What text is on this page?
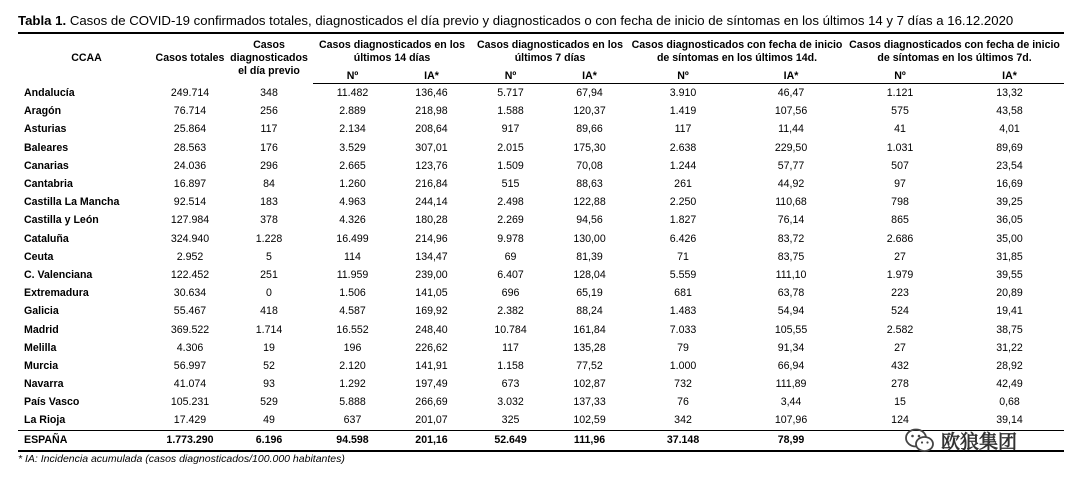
Tabla 1. Casos de COVID-19 confirmados totales, diagnosticados el día previo y diagnosticados o con fecha de inicio de síntomas en los últimos 14 y 7 días a 16.12.2020
CCAA	Casos totales	Casos diagnosticados el día previo	Casos diagnosticados en los últimos 14 días		Casos diagnosticados en los últimos 7 días		Casos diagnosticados con fecha de inicio de síntomas en los últimos 14d.		Casos diagnosticados con fecha de inicio de síntomas en los últimos 7d.	
			Nº	IA*	Nº	IA*	Nº	IA*	Nº	IA*
Andalucía	249.714	348	11.482	136,46	5.717	67,94	3.910	46,47	1.121	13,32
Aragón	76.714	256	2.889	218,98	1.588	120,37	1.419	107,56	575	43,58
Asturias	25.864	117	2.134	208,64	917	89,66	117	11,44	41	4,01
Baleares	28.563	176	3.529	307,01	2.015	175,30	2.638	229,50	1.031	89,69
Canarias	24.036	296	2.665	123,76	1.509	70,08	1.244	57,77	507	23,54
Cantabria	16.897	84	1.260	216,84	515	88,63	261	44,92	97	16,69
Castilla La Mancha	92.514	183	4.963	244,14	2.498	122,88	2.250	110,68	798	39,25
Castilla y León	127.984	378	4.326	180,28	2.269	94,56	1.827	76,14	865	36,05
Cataluña	324.940	1.228	16.499	214,96	9.978	130,00	6.426	83,72	2.686	35,00
Ceuta	2.952	5	114	134,47	69	81,39	71	83,75	27	31,85
C. Valenciana	122.452	251	11.959	239,00	6.407	128,04	5.559	111,10	1.979	39,55
Extremadura	30.634	0	1.506	141,05	696	65,19	681	63,78	223	20,89
Galicia	55.467	418	4.587	169,92	2.382	88,24	1.483	54,94	524	19,41
Madrid	369.522	1.714	16.552	248,40	10.784	161,84	7.033	105,55	2.582	38,75
Melilla	4.306	19	196	226,62	117	135,28	79	91,34	27	31,22
Murcia	56.997	52	2.120	141,91	1.158	77,52	1.000	66,94	432	28,92
Navarra	41.074	93	1.292	197,49	673	102,87	732	111,89	278	42,49
País Vasco	105.231	529	5.888	266,69	3.032	137,33	76	3,44	15	0,68
La Rioja	17.429	49	637	201,07	325	102,59	342	107,96	124	39,14
ESPAÑA	1.773.290	6.196	94.598	201,16	52.649	111,96	37.148	78,99		
* IA: Incidencia acumulada (casos diagnosticados/100.000 habitantes)
欧狼集团
